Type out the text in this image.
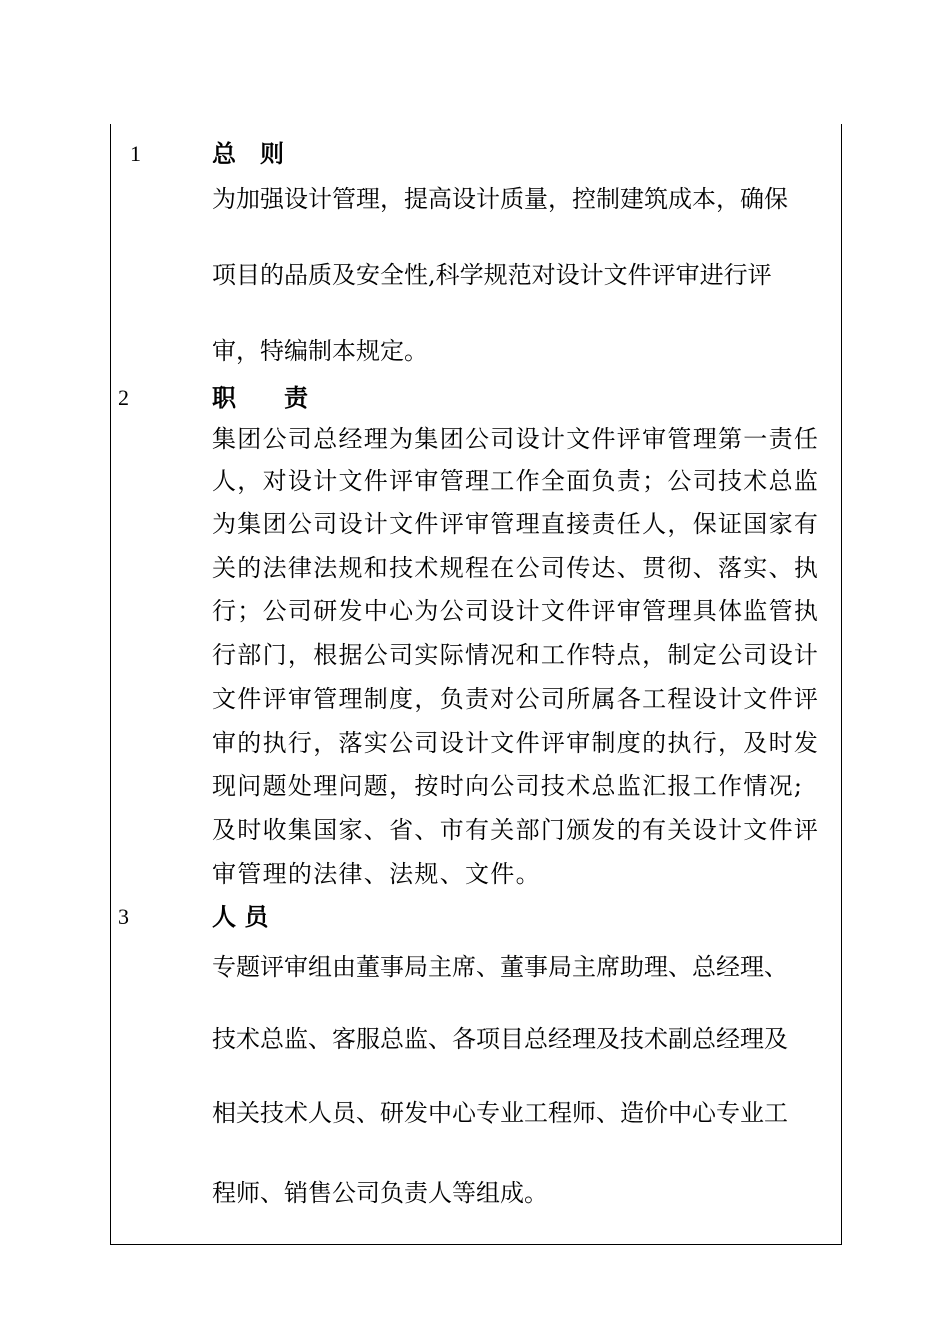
1	总　则
为加强设计管理，提高设计质量，控制建筑成本，确保
项目的品质及安全性,科学规范对设计文件评审进行评
审，特编制本规定。
2	职　　责
集团公司总经理为集团公司设计文件评审管理第一责任
人，对设计文件评审管理工作全面负责；公司技术总监
为集团公司设计文件评审管理直接责任人，保证国家有
关的法律法规和技术规程在公司传达、贯彻、落实、执
行；公司研发中心为公司设计文件评审管理具体监管执
行部门，根据公司实际情况和工作特点，制定公司设计
文件评审管理制度，负责对公司所属各工程设计文件评
审的执行，落实公司设计文件评审制度的执行，及时发
现问题处理问题，按时向公司技术总监汇报工作情况;
及时收集国家、省、市有关部门颁发的有关设计文件评
审管理的法律、法规、文件。
3	人 员
专题评审组由董事局主席、董事局主席助理、总经理、
技术总监、客服总监、各项目总经理及技术副总经理及
相关技术人员、研发中心专业工程师、造价中心专业工
程师、销售公司负责人等组成。
